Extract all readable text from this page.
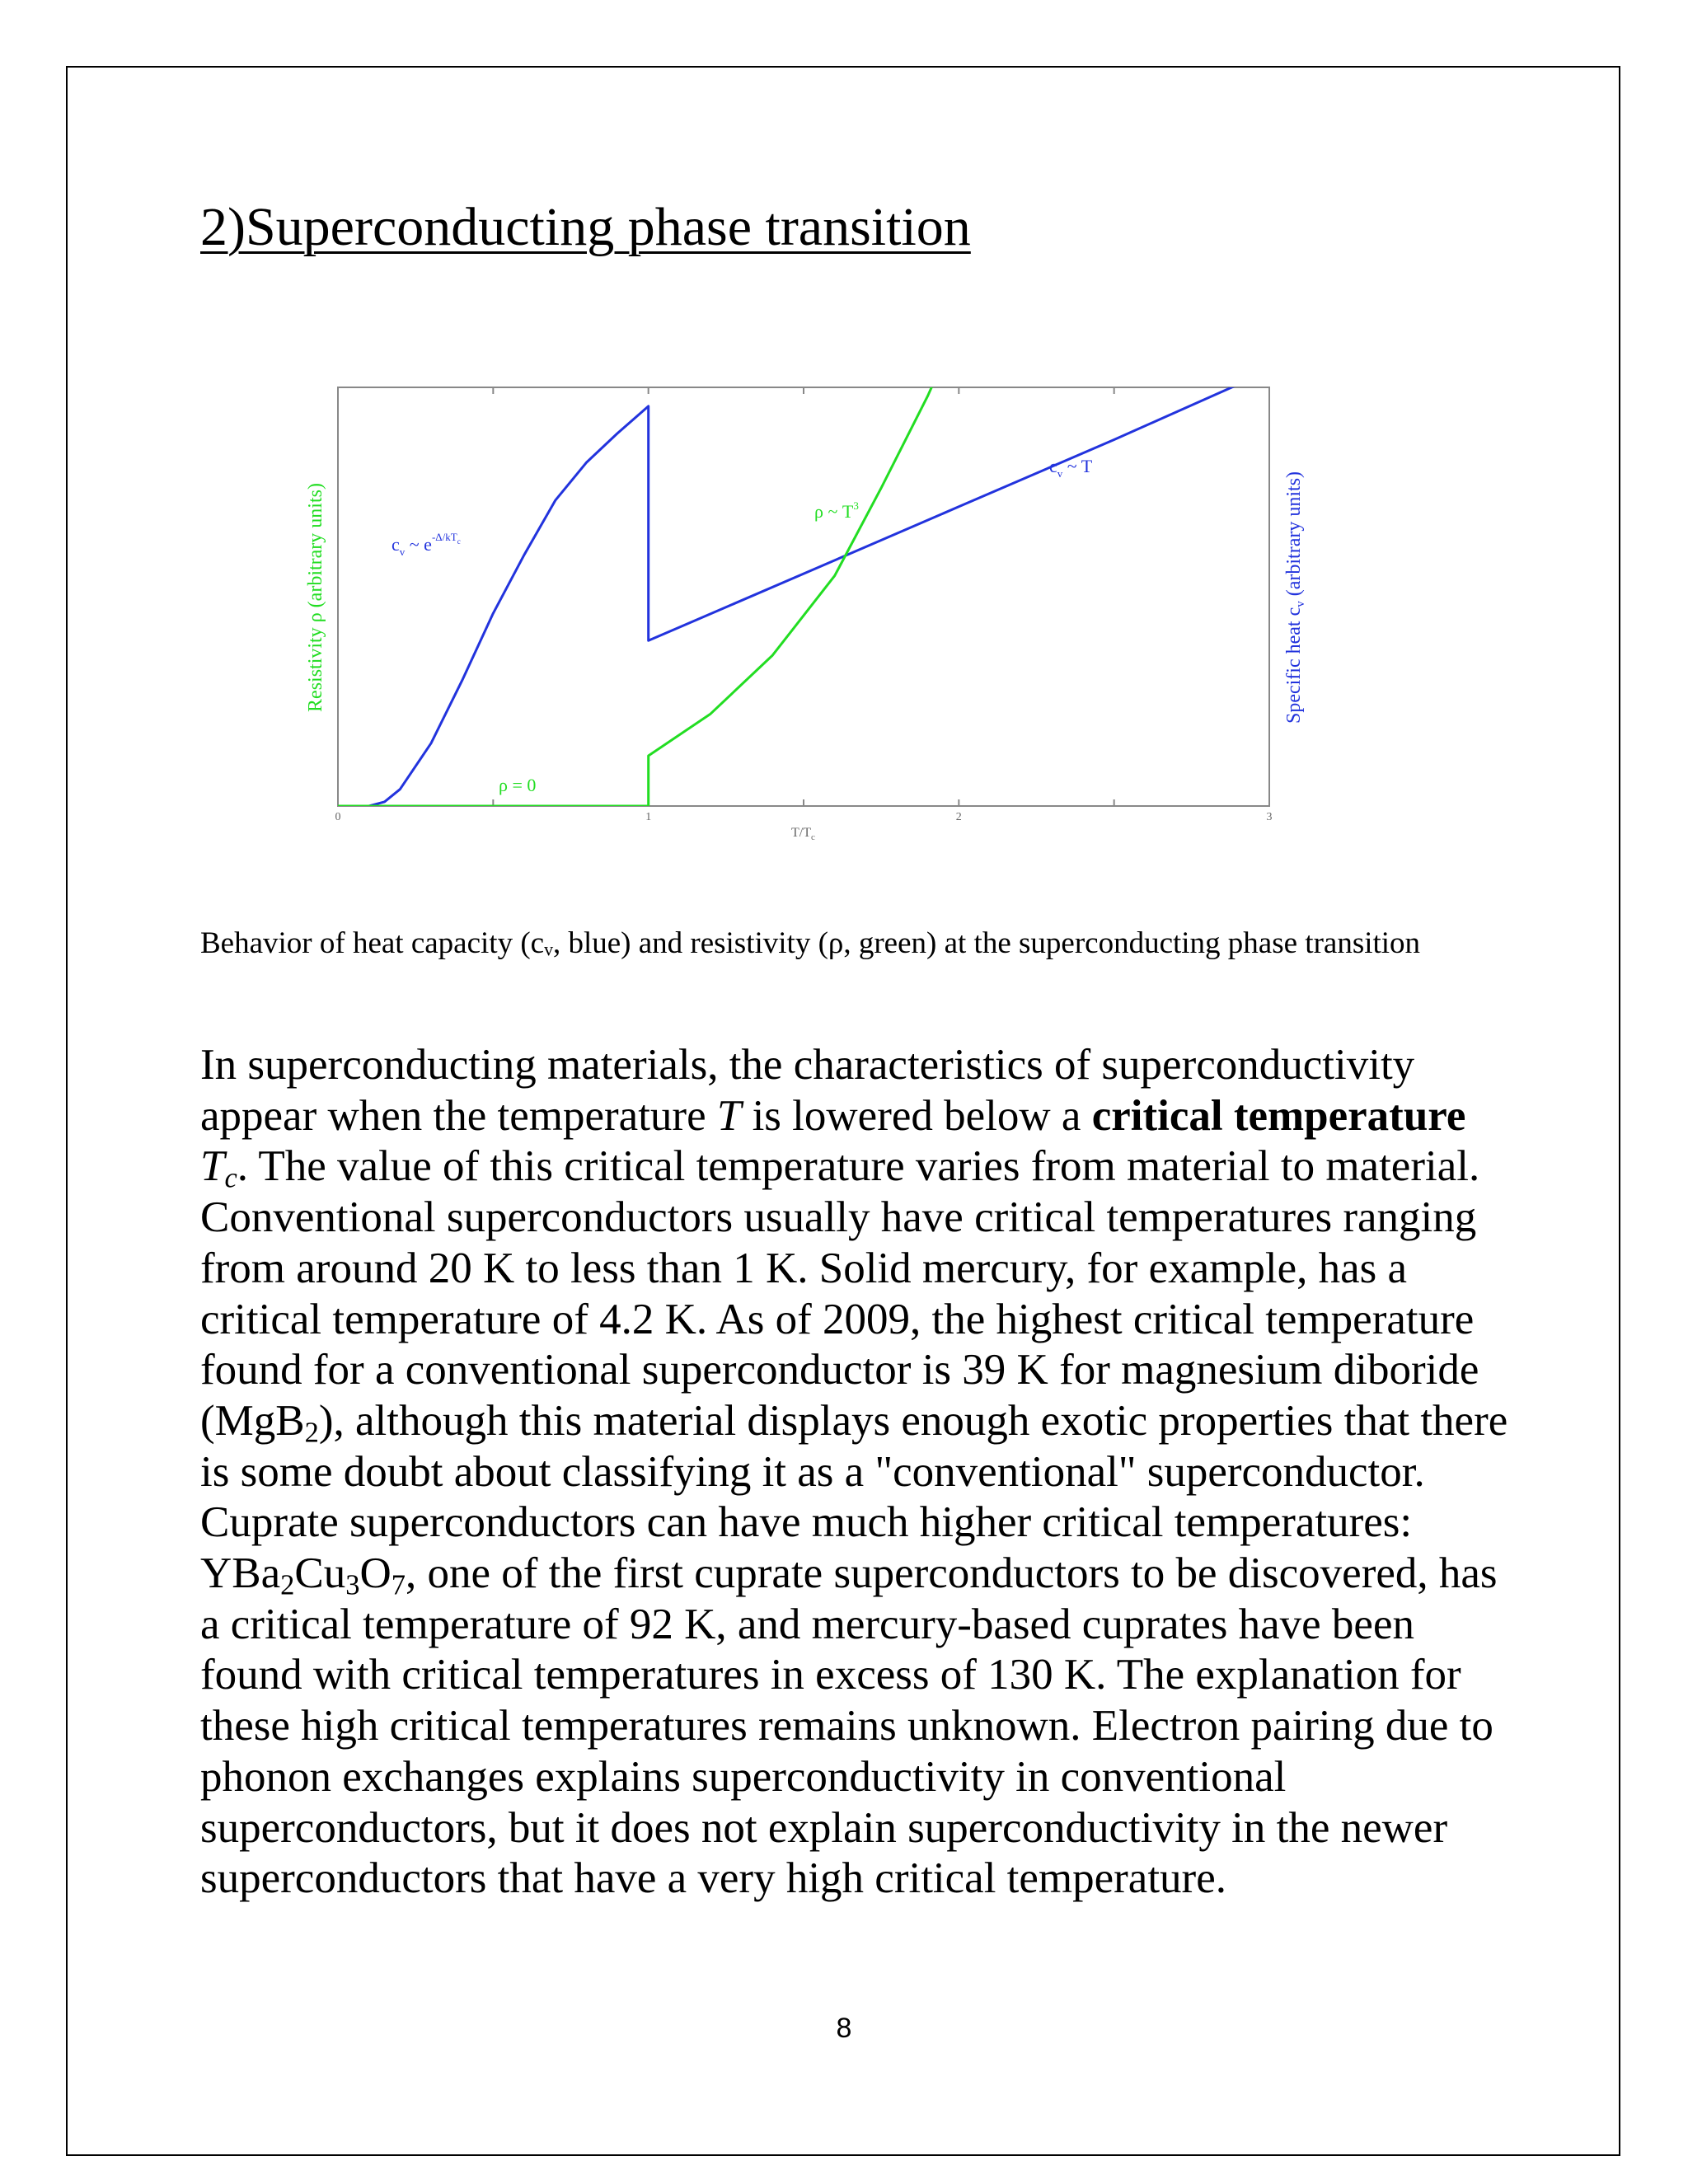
2)Superconducting phase transition
0	1	2	3
$T/T_c$
Resistivity ρ (arbitrary units)	Specific heat $c_v$ (arbitrary units)
$c_v$ ~ $e^{-\Delta/kT}c$
$c_v$ ~ T
ρ ~ $T^3$
ρ = 0

Behavior of heat capacity (cᵥ, blue) and resistivity (ρ, green) at the superconducting phase transition

In superconducting materials, the characteristics of superconductivity appear when the temperature T is lowered below a critical temperature $T_c$. The value of this critical temperature varies from material to material. Conventional superconductors usually have critical temperatures ranging from around 20 K to less than 1 K. Solid mercury, for example, has a critical temperature of 4.2 K. As of 2009, the highest critical temperature found for a conventional superconductor is 39 K for magnesium diboride (MgB$_2$), although this material displays enough exotic properties that there is some doubt about classifying it as a "conventional" superconductor. Cuprate superconductors can have much higher critical temperatures: $YBa_2Cu_3O_7$, one of the first cuprate superconductors to be discovered, has a critical temperature of 92 K, and mercury-based cuprates have been found with critical temperatures in excess of 130 K. The explanation for these high critical temperatures remains unknown. Electron pairing due to phonon exchanges explains superconductivity in conventional superconductors, but it does not explain superconductivity in the newer superconductors that have a very high critical temperature.

8
